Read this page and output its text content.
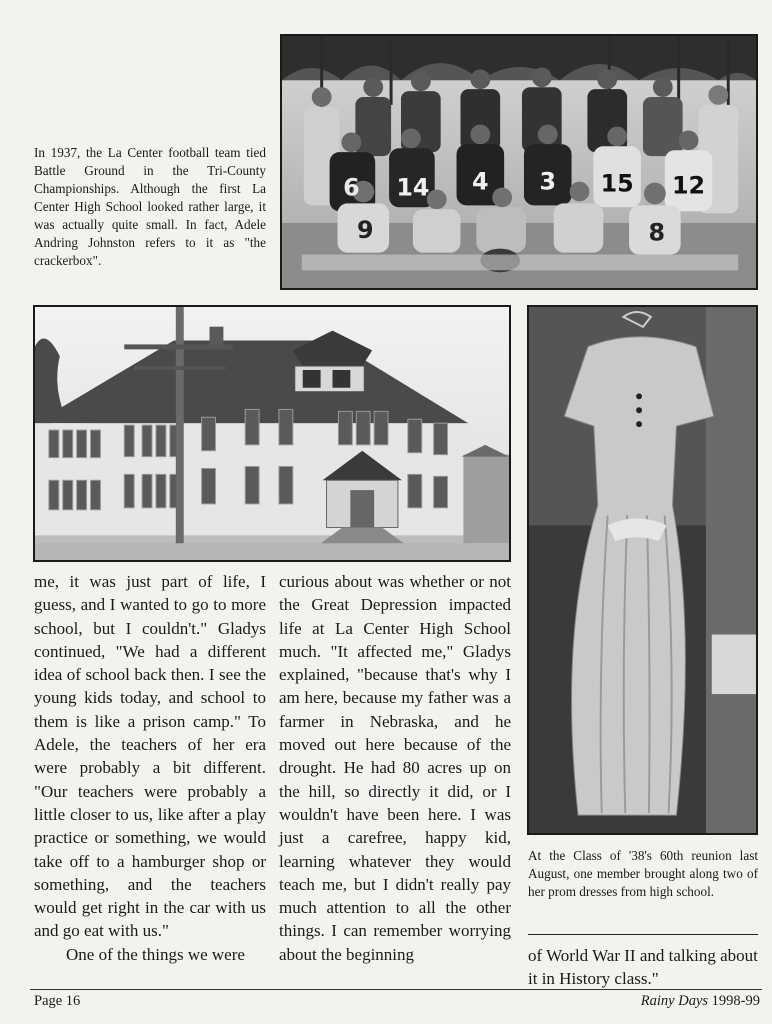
9
6 14 4 3 15 12
8

In 1937, the La Center football team tied Battle Ground in the Tri-County Championships. Although the first La Center High School looked rather large, it was actually quite small. In fact, Adele Andring Johnston refers to it as "the crackerbox".

At the Class of '38's 60th reunion last August, one member brought along two of her prom dresses from high school.

me, it was just part of life, I guess, and I wanted to go to more school, but I couldn't." Gladys continued, "We had a different idea of school back then. I see the young kids today, and school to them is like a prison camp." To Adele, the teachers of her era were probably a bit different. "Our teachers were probably a little closer to us, like after a play practice or something, we would take off to a hamburger shop or something, and the teachers would get right in the car with us and go eat with us."

One of the things we were

curious about was whether or not the Great Depression impacted life at La Center High School much. "It affected me," Gladys explained, "because that's why I am here, because my father was a farmer in Nebraska, and he moved out here because of the drought. He had 80 acres up on the hill, so directly it did, or I wouldn't have been here. I was just a carefree, happy kid, learning whatever they would teach me, but I didn't really pay much attention to all the other things. I can remember worrying about the beginning	of World War II and talking about it in History class."

Page 16	Rainy Days 1998-99
